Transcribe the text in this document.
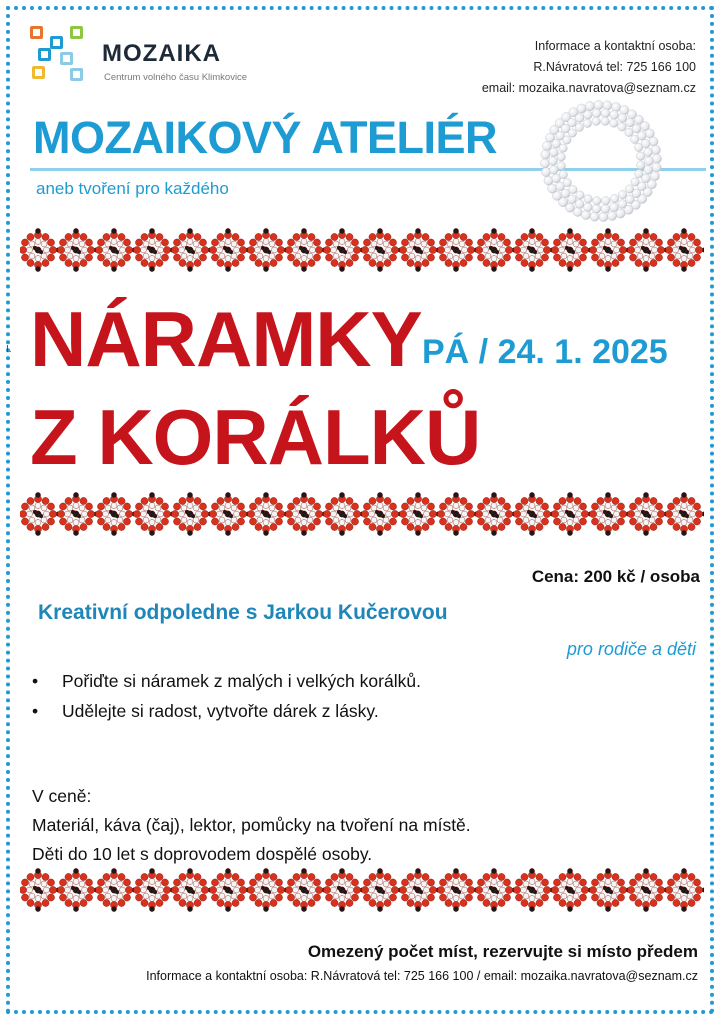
MOZAIKA
Centrum volného času Klimkovice
Informace a kontaktní osoba:
R.Návratová tel: 725 166 100
email: mozaika.navratova@seznam.cz
MOZAIKOVÝ ATELIÉR
aneb tvoření pro každého
I. NÁRAMKY
Z KORÁLKŮ
PÁ / 24. 1. 2025
Cena: 200 kč / osoba
Kreativní odpoledne s Jarkou Kučerovou
pro rodiče a děti
• Pořiďte si náramek z malých i velkých korálků.
• Udělejte si radost, vytvořte dárek z lásky.
V ceně:
Materiál, káva (čaj), lektor, pomůcky na tvoření na místě.
Děti do 10 let s doprovodem dospělé osoby.
Omezený počet míst, rezervujte si místo předem
Informace a kontaktní osoba: R.Návratová tel: 725 166 100 / email: mozaika.navratova@seznam.cz
